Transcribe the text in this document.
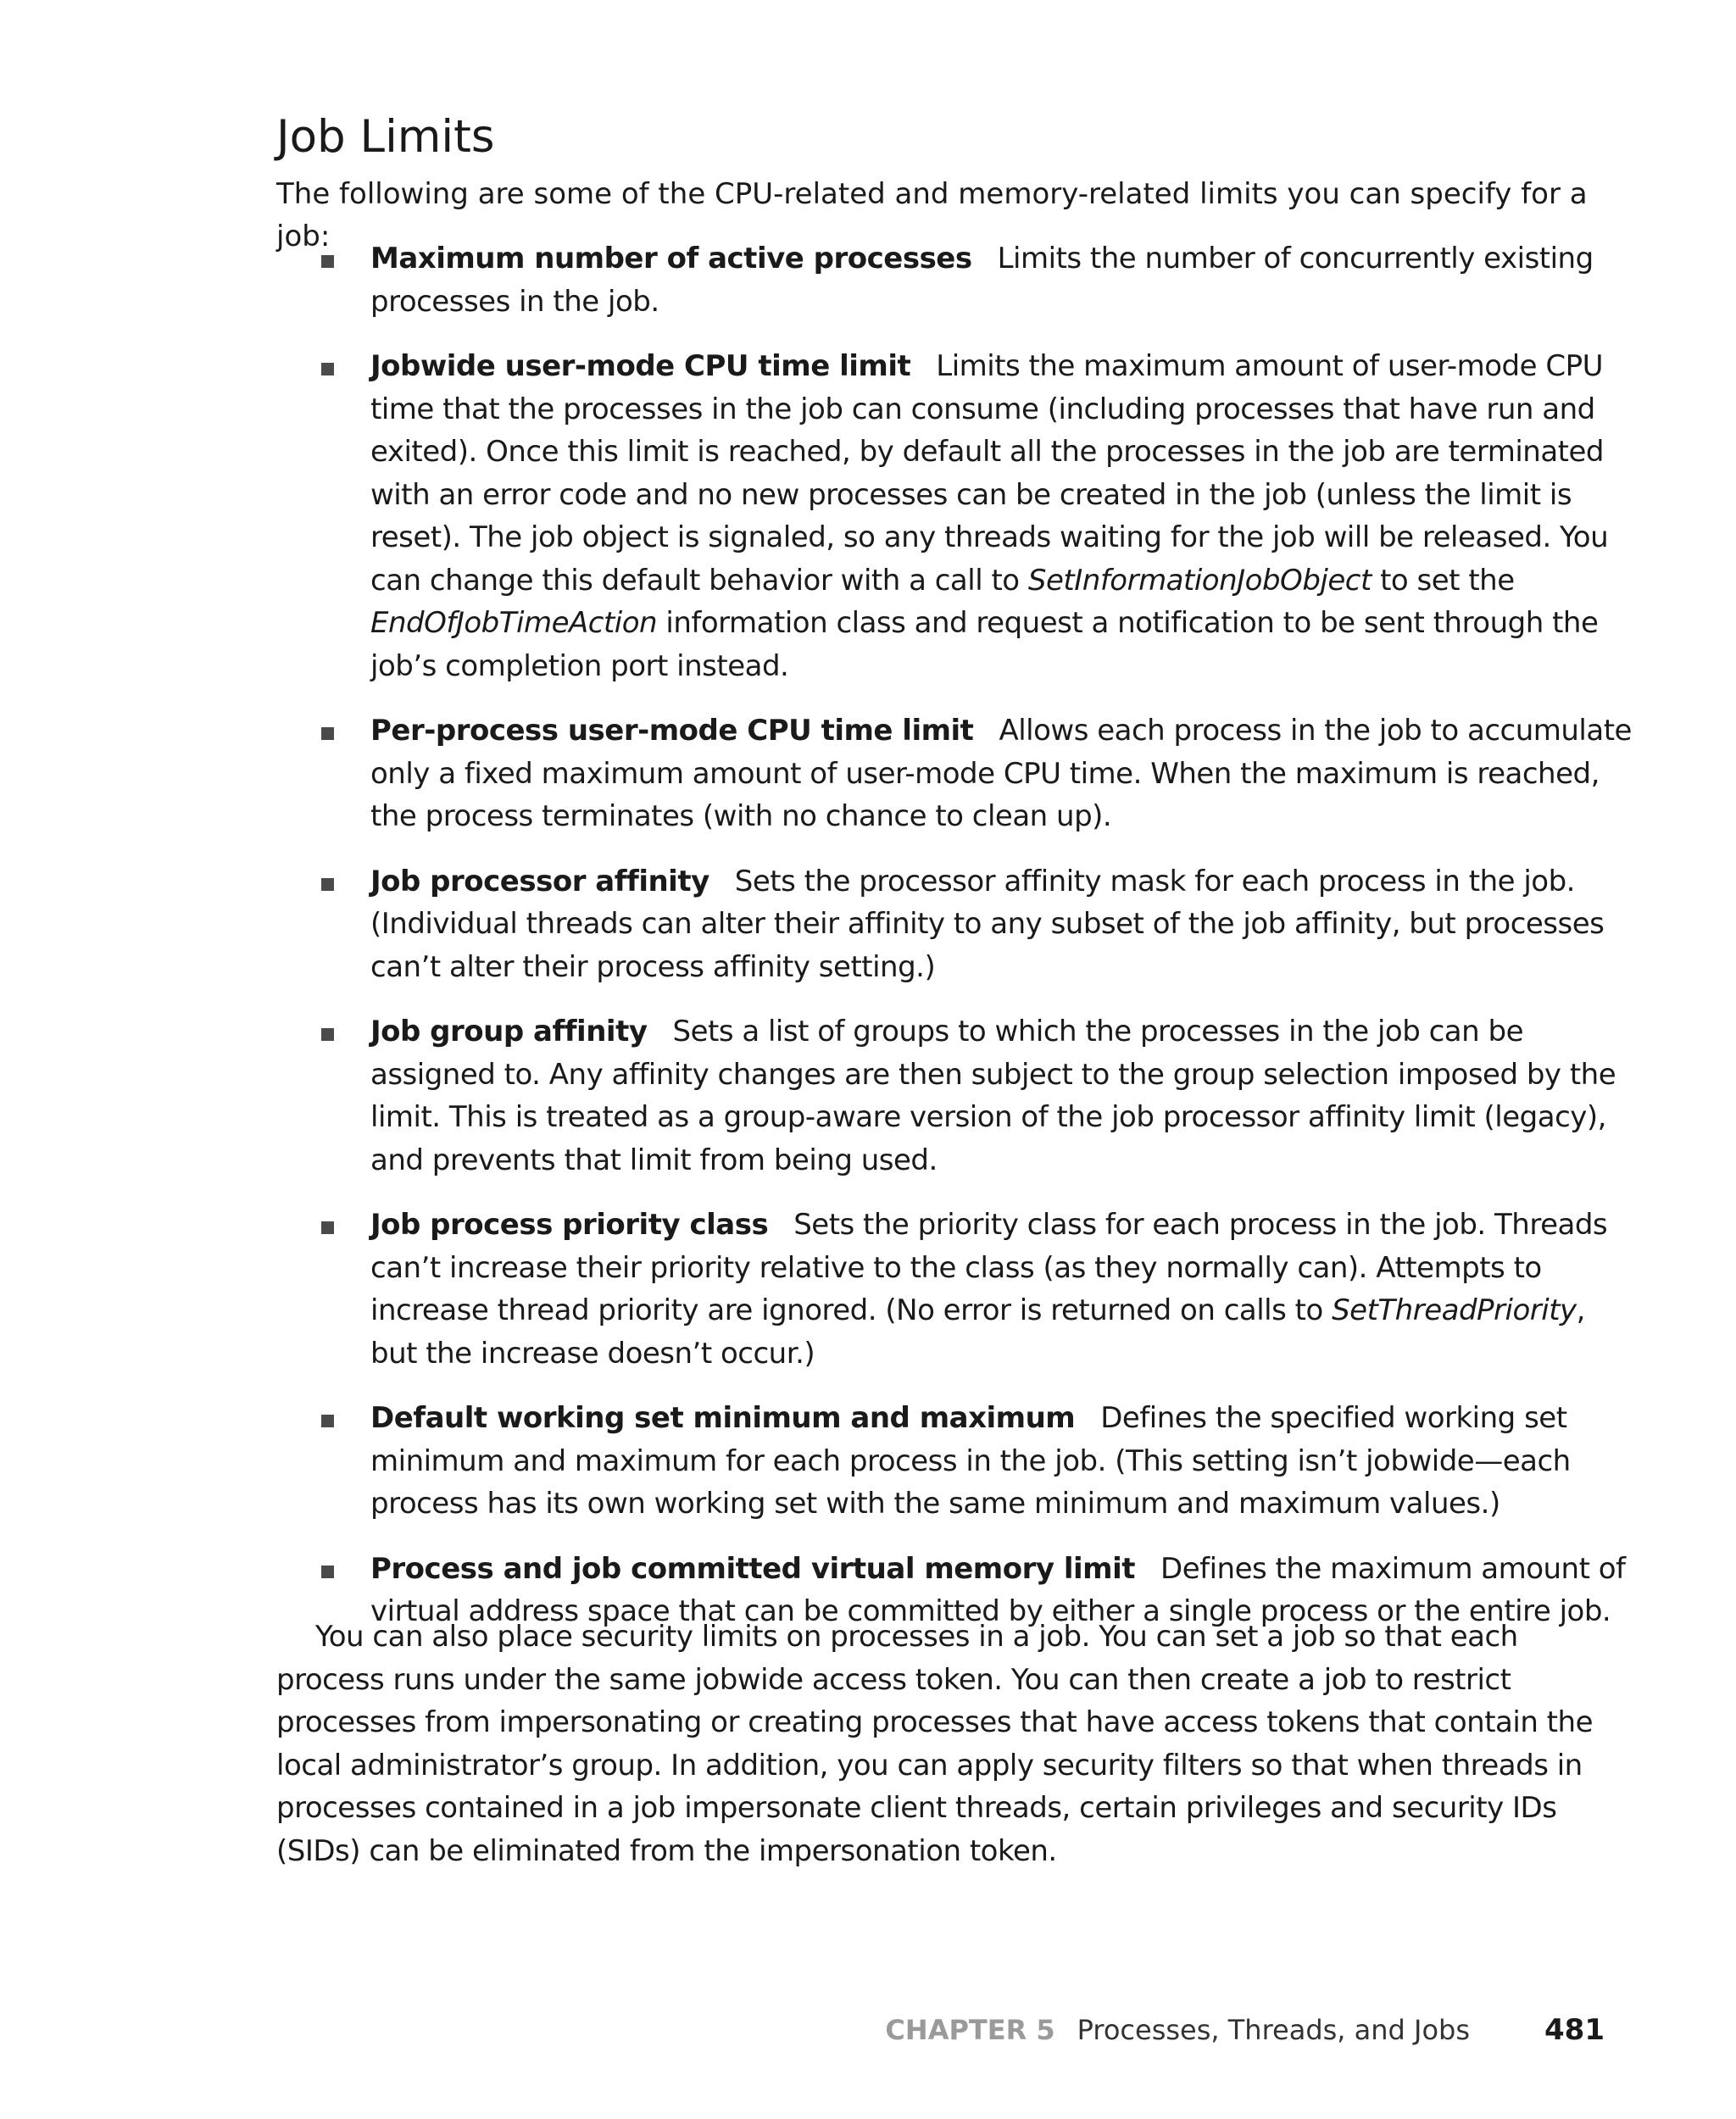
Job Limits

The following are some of the CPU-related and memory-related limits you can specify for a job:

Maximum number of active processes Limits the number of concurrently existing processes in the job.
Jobwide user-mode CPU time limit Limits the maximum amount of user-mode CPU time that the processes in the job can consume (including processes that have run and exited). Once this limit is reached, by default all the processes in the job are terminated with an error code and no new processes can be created in the job (unless the limit is reset). The job object is signaled, so any threads waiting for the job will be released. You can change this default behavior with a call to SetInformationJobObject to set the EndOfJobTimeAction information class and request a notification to be sent through the job’s completion port instead.
Per-process user-mode CPU time limit Allows each process in the job to accumulate only a fixed maximum amount of user-mode CPU time. When the maximum is reached, the process terminates (with no chance to clean up).
Job processor affinity Sets the processor affinity mask for each process in the job. (Individual threads can alter their affinity to any subset of the job affinity, but processes can’t alter their process affinity setting.)
Job group affinity Sets a list of groups to which the processes in the job can be assigned to. Any affinity changes are then subject to the group selection imposed by the limit. This is treated as a group-aware version of the job processor affinity limit (legacy), and prevents that limit from being used.
Job process priority class Sets the priority class for each process in the job. Threads can’t increase their priority relative to the class (as they normally can). Attempts to increase thread priority are ignored. (No error is returned on calls to SetThreadPriority, but the increase doesn’t occur.)
Default working set minimum and maximum Defines the specified working set minimum and maximum for each process in the job. (This setting isn’t jobwide—each process has its own working set with the same minimum and maximum values.)
Process and job committed virtual memory limit Defines the maximum amount of virtual address space that can be committed by either a single process or the entire job.

You can also place security limits on processes in a job. You can set a job so that each process runs under the same jobwide access token. You can then create a job to restrict processes from impersonating or creating processes that have access tokens that contain the local administrator’s group. In addition, you can apply security filters so that when threads in processes contained in a job impersonate client threads, certain privileges and security IDs (SIDs) can be eliminated from the impersonation token.

CHAPTER 5 Processes, Threads, and Jobs	481
